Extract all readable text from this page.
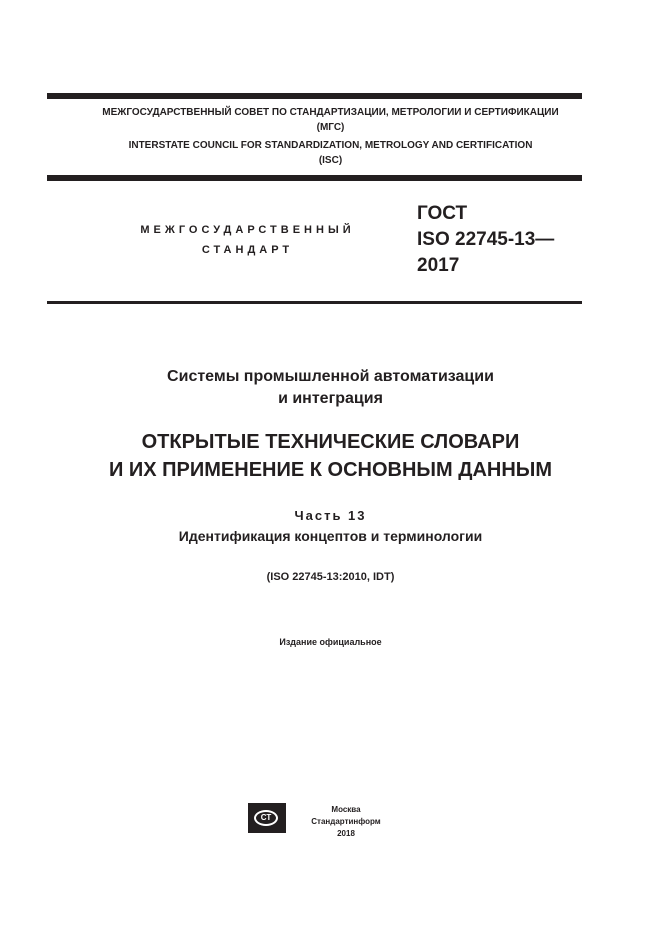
МЕЖГОСУДАРСТВЕННЫЙ СОВЕТ ПО СТАНДАРТИЗАЦИИ, МЕТРОЛОГИИ И СЕРТИФИКАЦИИ
(МГС)
INTERSTATE COUNCIL FOR STANDARDIZATION, METROLOGY AND CERTIFICATION
(ISC)
МЕЖГОСУДАРСТВЕННЫЙ
СТАНДАРТ
ГОСТ
ISO 22745-13—
2017
Системы промышленной автоматизации
и интеграция
ОТКРЫТЫЕ ТЕХНИЧЕСКИЕ СЛОВАРИ
И ИХ ПРИМЕНЕНИЕ К ОСНОВНЫМ ДАННЫМ
Часть 13
Идентификация концептов и терминологии
(ISO 22745-13:2010, IDT)
Издание официальное
СТ
Москва
Стандартинформ
2018
